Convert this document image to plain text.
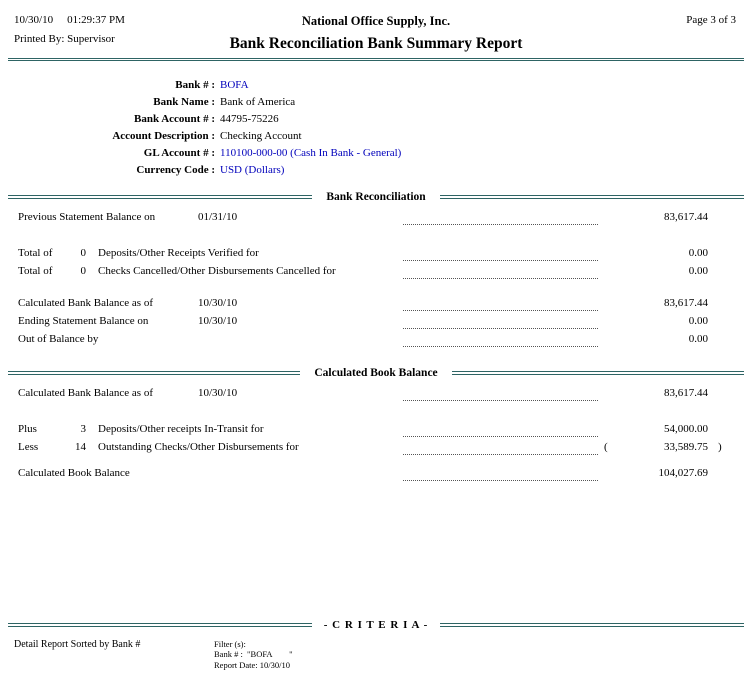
10/30/10 01:29:37 PM
Printed By: Supervisor
National Office Supply, Inc.
Bank Reconciliation Bank Summary Report
Page 3 of 3
Bank # : BOFA
Bank Name : Bank of America
Bank Account # : 44795-75226
Account Description : Checking Account
GL Account # : 110100-000-00 (Cash In Bank - General)
Currency Code : USD (Dollars)
Bank Reconciliation
Previous Statement Balance on	01/31/10	83,617.44
Total of	0 Deposits/Other Receipts Verified for	0.00
Total of	0 Checks Cancelled/Other Disbursements Cancelled for	0.00
Calculated Bank Balance as of	10/30/10	83,617.44
Ending Statement Balance on	10/30/10	0.00
Out of Balance by	0.00
Calculated Book Balance
Calculated Bank Balance as of	10/30/10	83,617.44
Plus	3 Deposits/Other receipts In-Transit for	54,000.00
Less	14 Outstanding Checks/Other Disbursements for	(	33,589.75 )
Calculated Book Balance	104,027.69
- C R I T E R I A -
Detail Report Sorted by Bank #	Filter (s):
Bank # :  "BOFA        "
Report Date: 10/30/10
